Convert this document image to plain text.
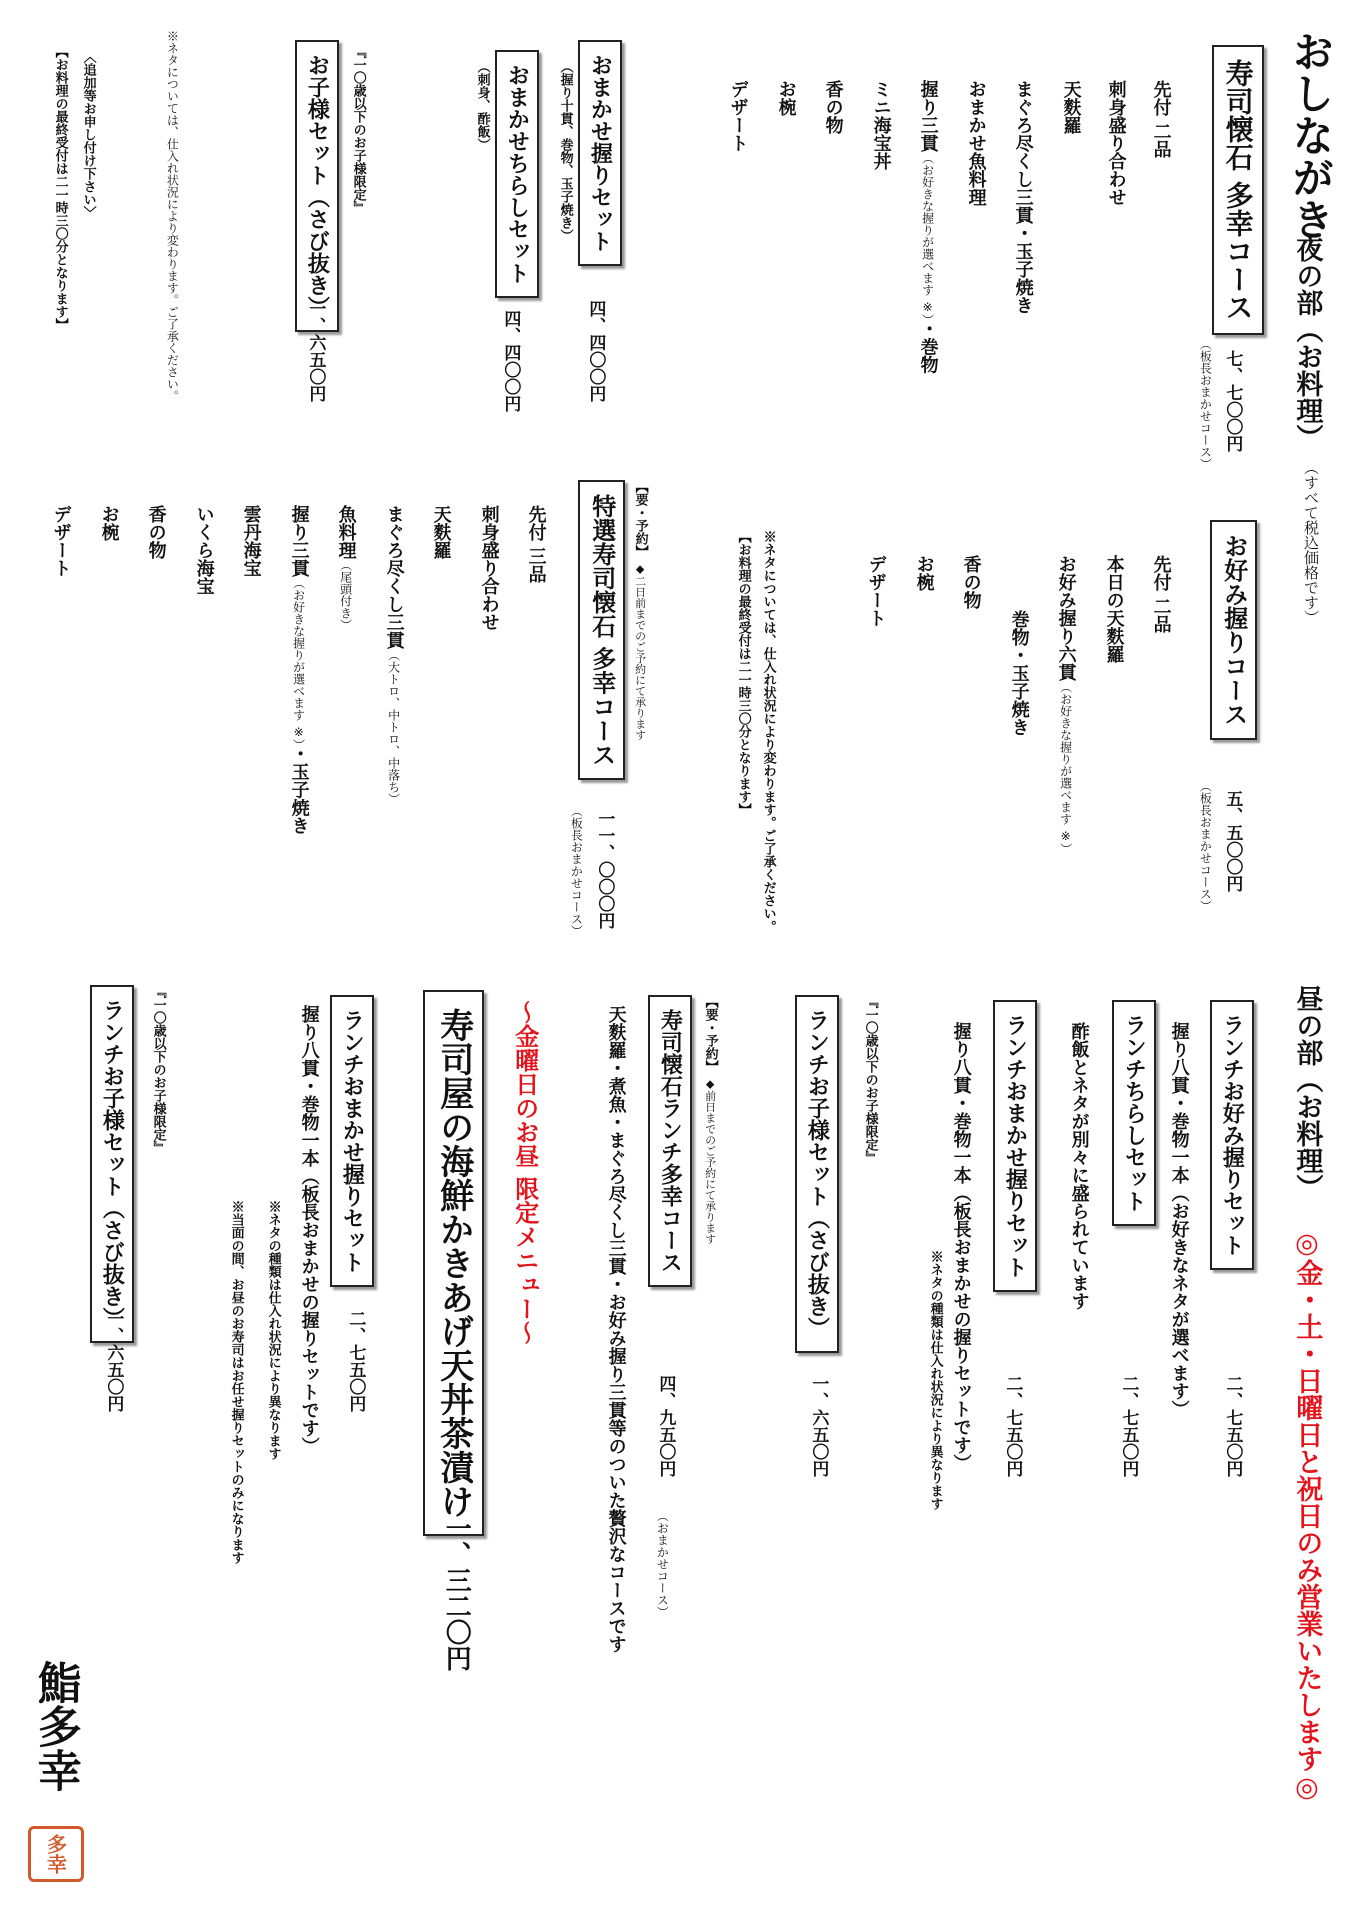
おしながき
夜の部（お料理）
（すべて税込価格です）
寿司懐石 多幸コース
七、七〇〇円
（板長おまかせコース）
先付 二品
刺身盛り合わせ
天麩羅
まぐろ尽くし三貫・玉子焼き
おまかせ魚料理
握り三貫（お好きな握りが選べます ※）・巻物
ミニ海宝丼
香の物
お椀
デザート
お好み握りコース
五、五〇〇円
（板長おまかせコース）
先付 二品
本日の天麩羅
お好み握り六貫（お好きな握りが選べます ※）
巻物・玉子焼き
香の物
お椀
デザート
※ネタについては、仕入れ状況により変わります。ご了承ください。
【お料理の最終受付は二一時三〇分となります】
【要・予約】 ◆二日前までのご予約にて承ります
特選寿司懐石 多幸コース
一一、〇〇〇円
（板長おまかせコース）
先付 三品
刺身盛り合わせ
天麩羅
まぐろ尽くし三貫（大トロ、中トロ、中落ち）
魚料理（尾頭付き）
握り三貫（お好きな握りが選べます ※）・玉子焼き
雲丹海宝
いくら海宝
香の物
お椀
デザート
おまかせ握りセット
（握り十貫、巻物、玉子焼き）
四、四〇〇円
おまかせちらしセット
（刺身、酢飯）
四、四〇〇円
『一〇歳以下のお子様限定』
お子様セット（さび抜き）
一、六五〇円
※ネタについては、仕入れ状況により変わります。ご了承ください。
〈追加等お申し付け下さい〉
【お料理の最終受付は二一時三〇分となります】
昼の部（お料理）
◎金・土・日曜日と祝日のみ営業いたします◎
ランチお好み握りセット
握り八貫・巻物一本（お好きなネタが選べます）
二、七五〇円
ランチちらしセット
酢飯とネタが別々に盛られています
二、七五〇円
ランチおまかせ握りセット
握り八貫・巻物一本（板長おまかせの握りセットです）
※ネタの種類は仕入れ状況により異なります	二、七五〇円
『一〇歳以下のお子様限定』
ランチお子様セット（さび抜き）
一、六五〇円
【要・予約】 ◆前日までのご予約にて承ります
寿司懐石ランチ多幸コース
天麩羅・煮魚・まぐろ尽くし三貫・お好み握り三貫等のついた贅沢なコースです 四、九五〇円
（おまかせコース）
〜金曜日のお昼 限定メニュー〜
寿司屋の海鮮かきあげ天丼茶漬け
一、三二〇円
ランチおまかせ握りセット
握り八貫・巻物一本（板長おまかせの握りセットです） 二、七五〇円
※ネタの種類は仕入れ状況により異なります
※当面の間、お昼のお寿司はお任せ握りセットのみになります
『一〇歳以下のお子様限定』
ランチお子様セット（さび抜き）
一、六五〇円
鮨多幸
多幸
